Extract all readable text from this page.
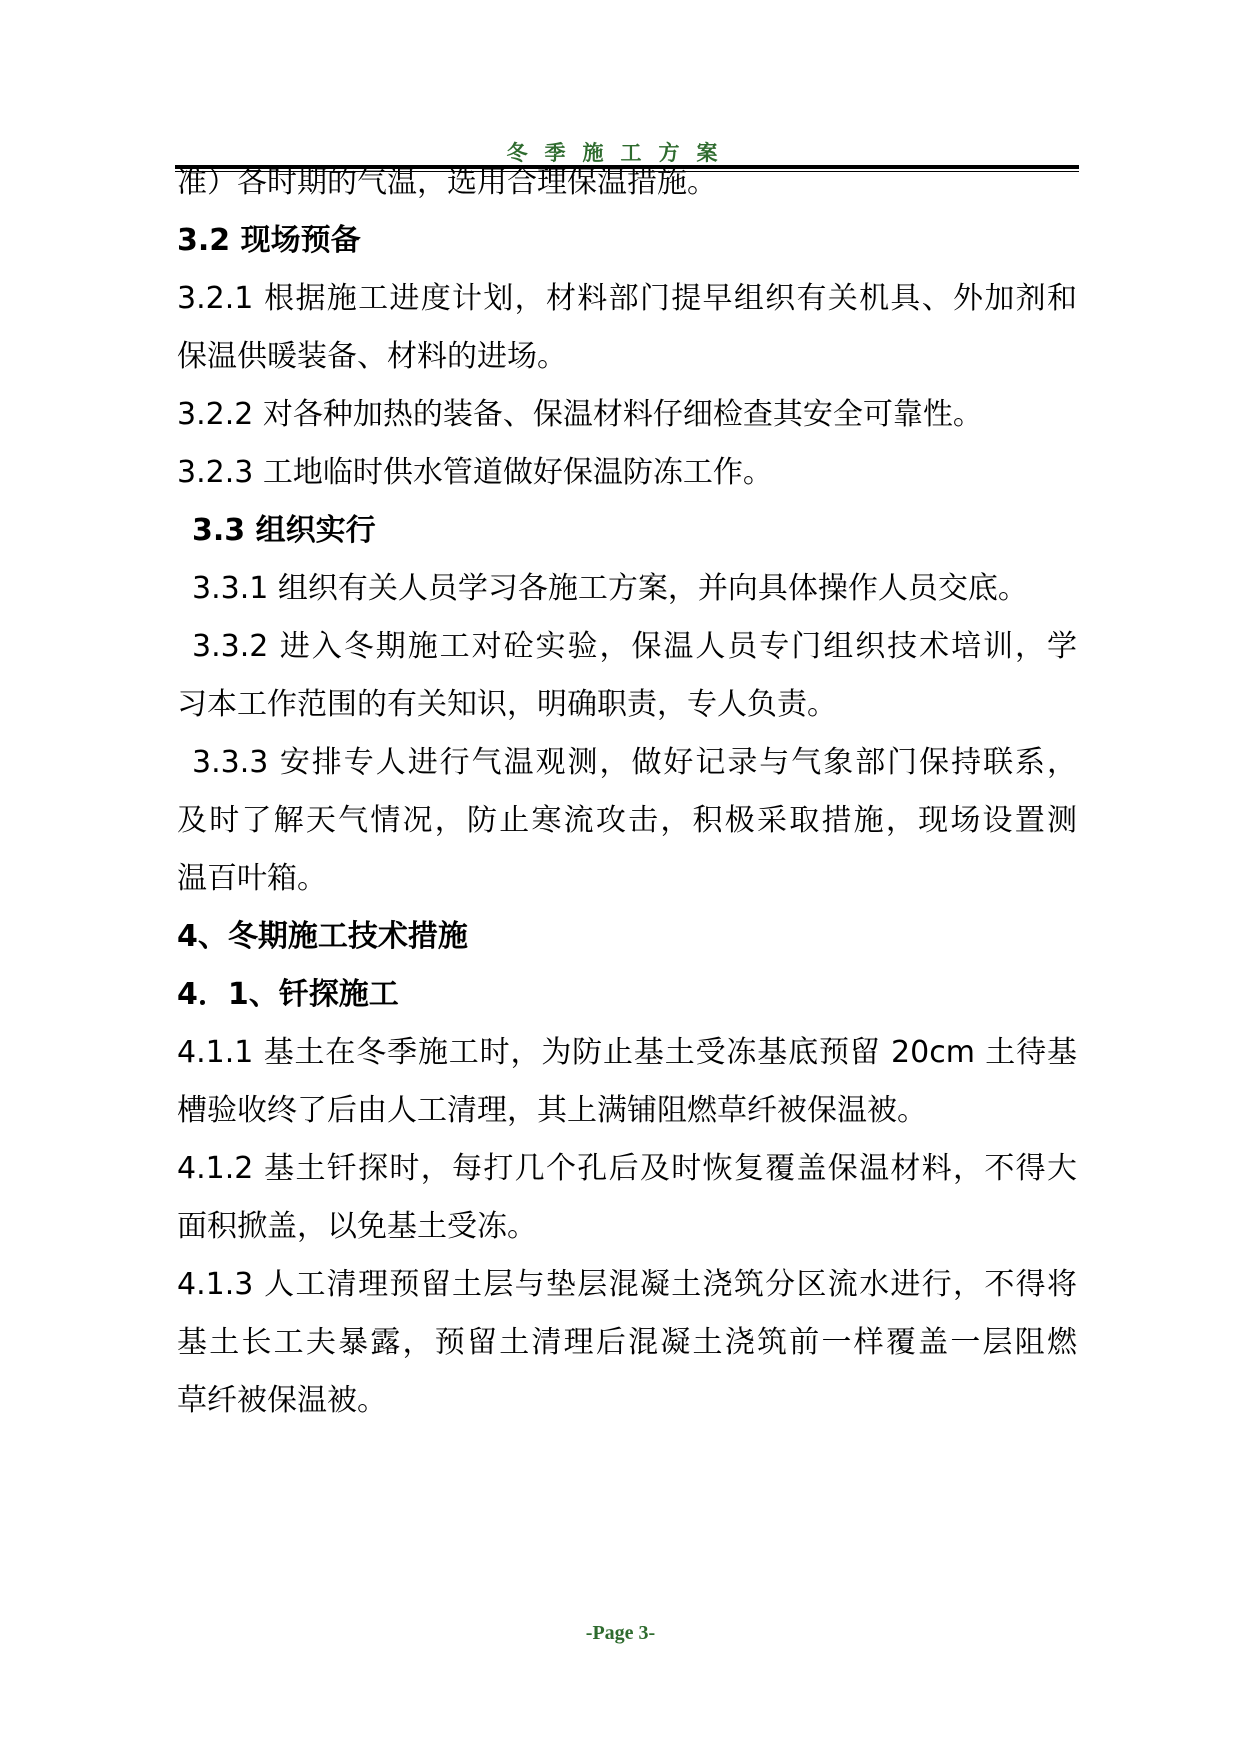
冬季施工方案
准）各时期的气温，选用合理保温措施。
3.2 现场预备
3.2.1 根据施工进度计划，材料部门提早组织有关机具、外加剂和
保温供暖装备、材料的进场。
3.2.2 对各种加热的装备、保温材料仔细检查其安全可靠性。
3.2.3 工地临时供水管道做好保温防冻工作。
3.3 组织实行
3.3.1 组织有关人员学习各施工方案，并向具体操作人员交底。
3.3.2 进入冬期施工对砼实验，保温人员专门组织技术培训，学
习本工作范围的有关知识，明确职责，专人负责。
3.3.3 安排专人进行气温观测，做好记录与气象部门保持联系，
及时了解天气情况，防止寒流攻击，积极采取措施，现场设置测
温百叶箱。
4、冬期施工技术措施
4．1、钎探施工
4.1.1 基土在冬季施工时，为防止基土受冻基底预留 20cm 土待基
槽验收终了后由人工清理，其上满铺阻燃草纤被保温被。
4.1.2 基土钎探时，每打几个孔后及时恢复覆盖保温材料，不得大
面积掀盖，以免基土受冻。
4.1.3 人工清理预留土层与垫层混凝土浇筑分区流水进行，不得将
基土长工夫暴露，预留土清理后混凝土浇筑前一样覆盖一层阻燃
草纤被保温被。
-Page 3-
